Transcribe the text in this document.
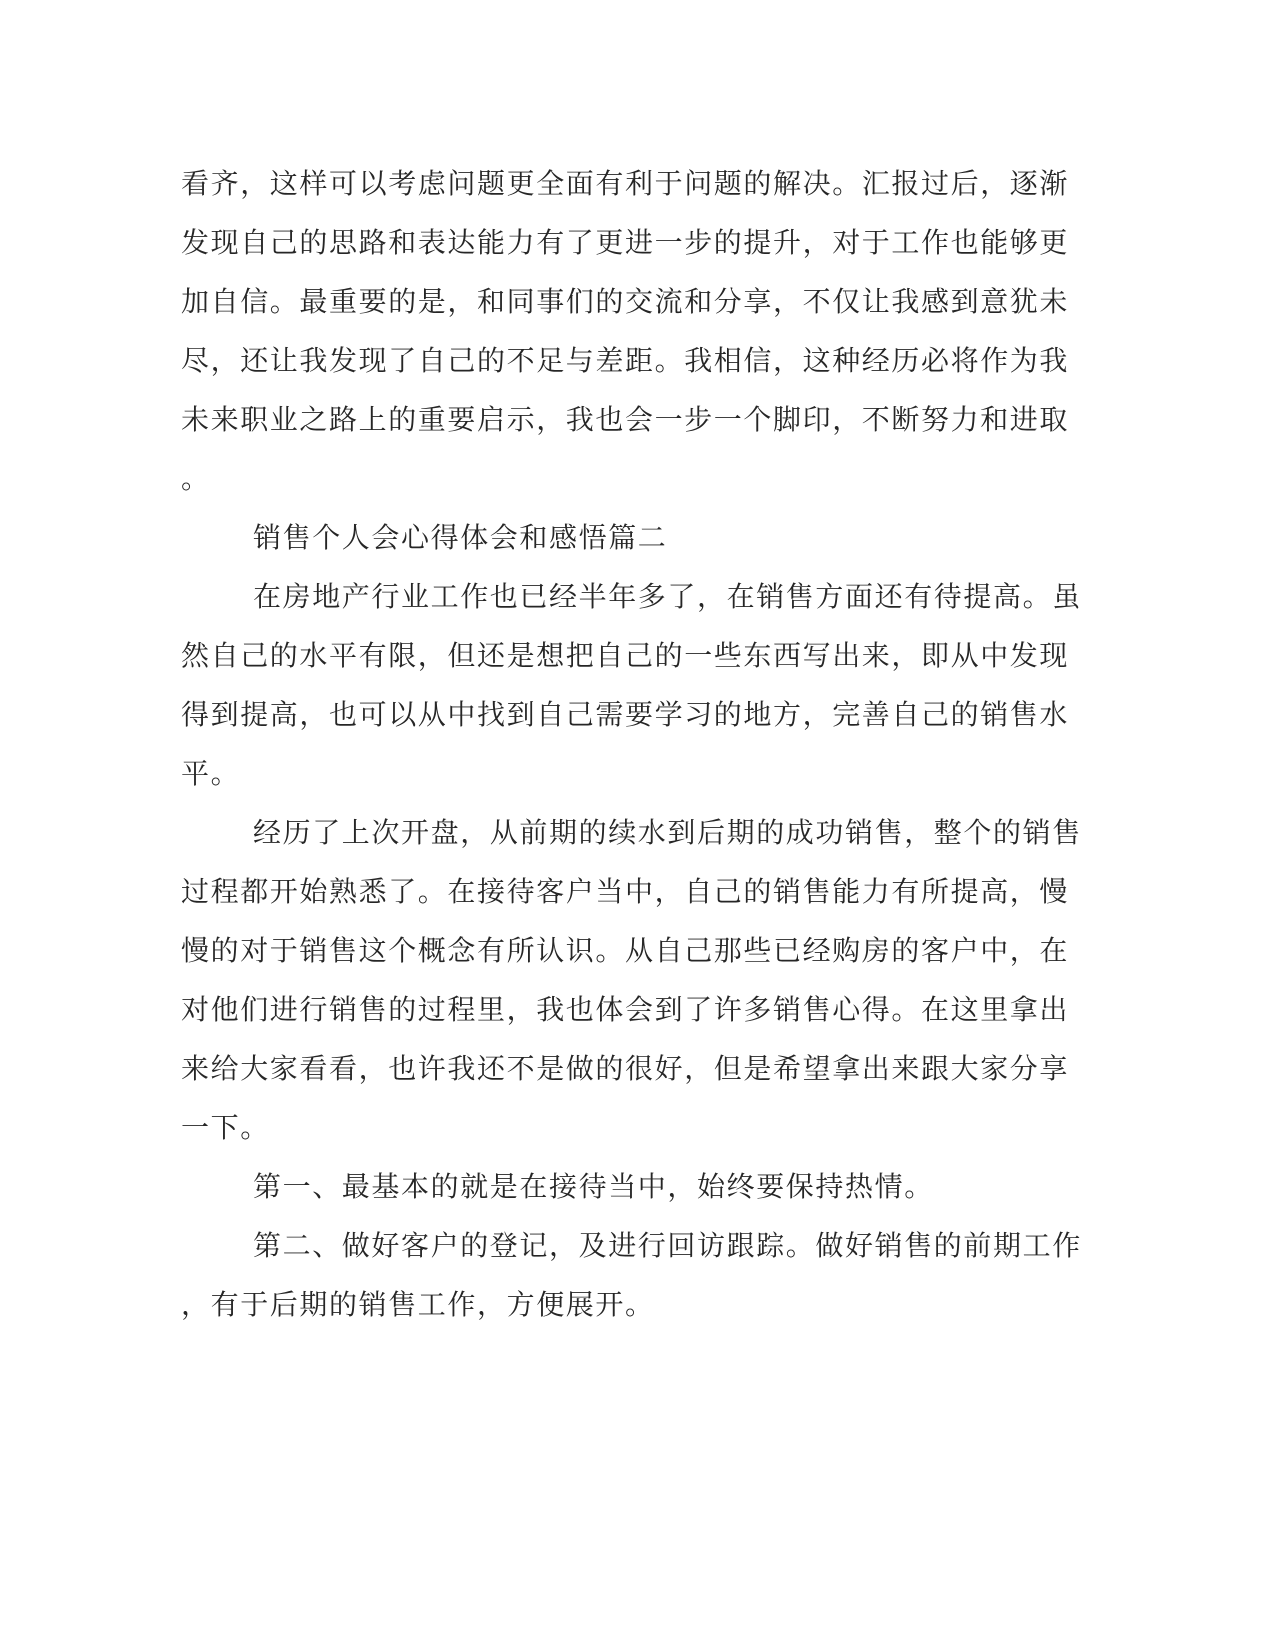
看齐，这样可以考虑问题更全面有利于问题的解决。汇报过后，逐渐
发现自己的思路和表达能力有了更进一步的提升，对于工作也能够更
加自信。最重要的是，和同事们的交流和分享，不仅让我感到意犹未
尽，还让我发现了自己的不足与差距。我相信，这种经历必将作为我
未来职业之路上的重要启示，我也会一步一个脚印，不断努力和进取
。
销售个人会心得体会和感悟篇二
在房地产行业工作也已经半年多了，在销售方面还有待提高。虽
然自己的水平有限，但还是想把自己的一些东西写出来，即从中发现
得到提高，也可以从中找到自己需要学习的地方，完善自己的销售水
平。
经历了上次开盘，从前期的续水到后期的成功销售，整个的销售
过程都开始熟悉了。在接待客户当中，自己的销售能力有所提高，慢
慢的对于销售这个概念有所认识。从自己那些已经购房的客户中，在
对他们进行销售的过程里，我也体会到了许多销售心得。在这里拿出
来给大家看看，也许我还不是做的很好，但是希望拿出来跟大家分享
一下。
第一、最基本的就是在接待当中，始终要保持热情。
第二、做好客户的登记，及进行回访跟踪。做好销售的前期工作
，有于后期的销售工作，方便展开。
